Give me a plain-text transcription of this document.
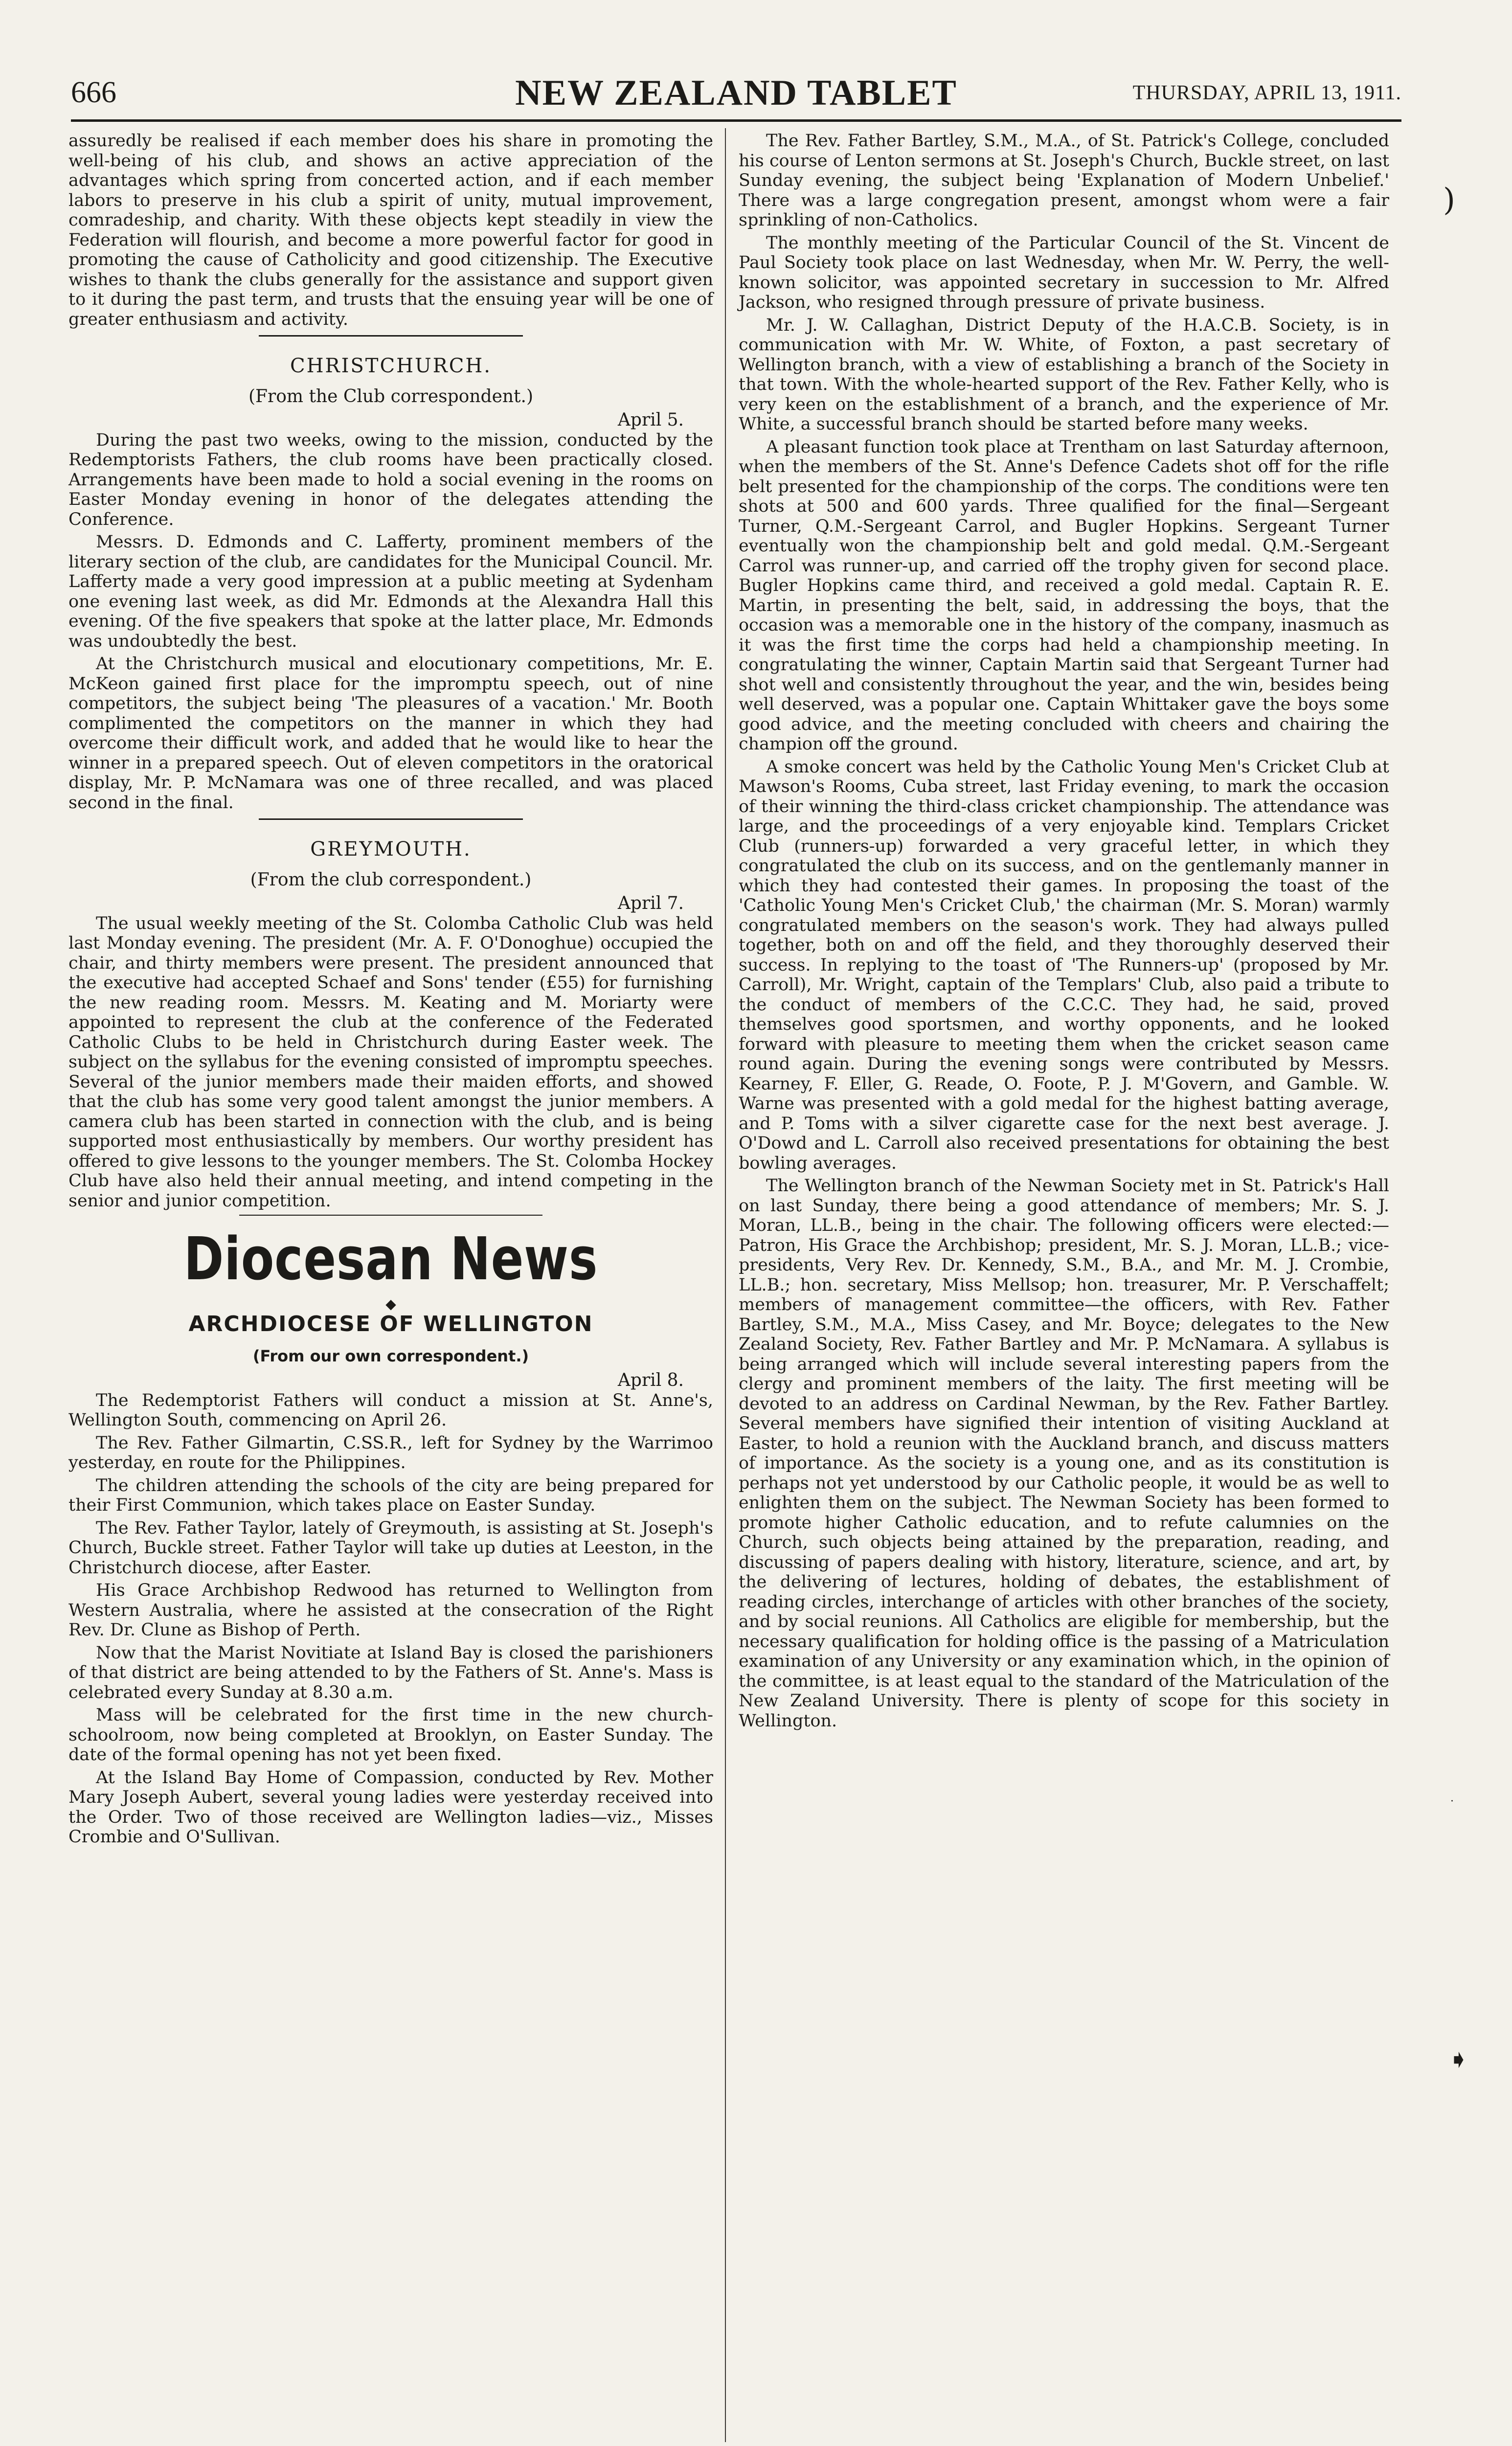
666	NEW ZEALAND TABLET	THURSDAY, APRIL 13, 1911.

assuredly be realised if each member does his share in promoting the well-being of his club, and shows an active appreciation of the advantages which spring from concerted action, and if each member labors to preserve in his club a spirit of unity, mutual improvement, comradeship, and charity. With these objects kept steadily in view the Federation will flourish, and become a more powerful factor for good in promoting the cause of Catholicity and good citizenship. The Executive wishes to thank the clubs generally for the assistance and support given to it during the past term, and trusts that the ensuing year will be one of greater enthusiasm and activity.

CHRISTCHURCH.
(From the Club correspondent.)
April 5.

During the past two weeks, owing to the mission, conducted by the Redemptorists Fathers, the club rooms have been practically closed. Arrangements have been made to hold a social evening in the rooms on Easter Monday evening in honor of the delegates attending the Conference.

Messrs. D. Edmonds and C. Lafferty, prominent members of the literary section of the club, are candidates for the Municipal Council. Mr. Lafferty made a very good impression at a public meeting at Sydenham one evening last week, as did Mr. Edmonds at the Alexandra Hall this evening. Of the five speakers that spoke at the latter place, Mr. Edmonds was undoubtedly the best.

At the Christchurch musical and elocutionary competitions, Mr. E. McKeon gained first place for the impromptu speech, out of nine competitors, the subject being 'The pleasures of a vacation.' Mr. Booth complimented the competitors on the manner in which they had overcome their difficult work, and added that he would like to hear the winner in a prepared speech. Out of eleven competitors in the oratorical display, Mr. P. McNamara was one of three recalled, and was placed second in the final.

GREYMOUTH.
(From the club correspondent.)
April 7.

The usual weekly meeting of the St. Colomba Catholic Club was held last Monday evening. The president (Mr. A. F. O'Donoghue) occupied the chair, and thirty members were present. The president announced that the executive had accepted Schaef and Sons' tender (£55) for furnishing the new reading room. Messrs. M. Keating and M. Moriarty were appointed to represent the club at the conference of the Federated Catholic Clubs to be held in Christchurch during Easter week. The subject on the syllabus for the evening consisted of impromptu speeches. Several of the junior members made their maiden efforts, and showed that the club has some very good talent amongst the junior members. A camera club has been started in connection with the club, and is being supported most enthusiastically by members. Our worthy president has offered to give lessons to the younger members. The St. Colomba Hockey Club have also held their annual meeting, and intend competing in the senior and junior competition.

Diocesan News
◆
ARCHDIOCESE OF WELLINGTON
(From our own correspondent.)
April 8.

The Redemptorist Fathers will conduct a mission at St. Anne's, Wellington South, commencing on April 26.

The Rev. Father Gilmartin, C.SS.R., left for Sydney by the Warrimoo yesterday, en route for the Philippines.

The children attending the schools of the city are being prepared for their First Communion, which takes place on Easter Sunday.

The Rev. Father Taylor, lately of Greymouth, is assisting at St. Joseph's Church, Buckle street. Father Taylor will take up duties at Leeston, in the Christchurch diocese, after Easter.

His Grace Archbishop Redwood has returned to Wellington from Western Australia, where he assisted at the consecration of the Right Rev. Dr. Clune as Bishop of Perth.

Now that the Marist Novitiate at Island Bay is closed the parishioners of that district are being attended to by the Fathers of St. Anne's. Mass is celebrated every Sunday at 8.30 a.m.

Mass will be celebrated for the first time in the new church-schoolroom, now being completed at Brooklyn, on Easter Sunday. The date of the formal opening has not yet been fixed.

At the Island Bay Home of Compassion, conducted by Rev. Mother Mary Joseph Aubert, several young ladies were yesterday received into the Order. Two of those received are Wellington ladies—viz., Misses Crombie and O'Sullivan.

The Rev. Father Bartley, S.M., M.A., of St. Patrick's College, concluded his course of Lenton sermons at St. Joseph's Church, Buckle street, on last Sunday evening, the subject being 'Explanation of Modern Unbelief.' There was a large congregation present, amongst whom were a fair sprinkling of non-Catholics.

The monthly meeting of the Particular Council of the St. Vincent de Paul Society took place on last Wednesday, when Mr. W. Perry, the well-known solicitor, was appointed secretary in succession to Mr. Alfred Jackson, who resigned through pressure of private business.

Mr. J. W. Callaghan, District Deputy of the H.A.C.B. Society, is in communication with Mr. W. White, of Foxton, a past secretary of Wellington branch, with a view of establishing a branch of the Society in that town. With the whole-hearted support of the Rev. Father Kelly, who is very keen on the establishment of a branch, and the experience of Mr. White, a successful branch should be started before many weeks.

A pleasant function took place at Trentham on last Saturday afternoon, when the members of the St. Anne's Defence Cadets shot off for the rifle belt presented for the championship of the corps. The conditions were ten shots at 500 and 600 yards. Three qualified for the final—Sergeant Turner, Q.M.-Sergeant Carrol, and Bugler Hopkins. Sergeant Turner eventually won the championship belt and gold medal. Q.M.-Sergeant Carrol was runner-up, and carried off the trophy given for second place. Bugler Hopkins came third, and received a gold medal. Captain R. E. Martin, in presenting the belt, said, in addressing the boys, that the occasion was a memorable one in the history of the company, inasmuch as it was the first time the corps had held a championship meeting. In congratulating the winner, Captain Martin said that Sergeant Turner had shot well and consistently throughout the year, and the win, besides being well deserved, was a popular one. Captain Whittaker gave the boys some good advice, and the meeting concluded with cheers and chairing the champion off the ground.

A smoke concert was held by the Catholic Young Men's Cricket Club at Mawson's Rooms, Cuba street, last Friday evening, to mark the occasion of their winning the third-class cricket championship. The attendance was large, and the proceedings of a very enjoyable kind. Templars Cricket Club (runners-up) forwarded a very graceful letter, in which they congratulated the club on its success, and on the gentlemanly manner in which they had contested their games. In proposing the toast of the 'Catholic Young Men's Cricket Club,' the chairman (Mr. S. Moran) warmly congratulated members on the season's work. They had always pulled together, both on and off the field, and they thoroughly deserved their success. In replying to the toast of 'The Runners-up' (proposed by Mr. Carroll), Mr. Wright, captain of the Templars' Club, also paid a tribute to the conduct of members of the C.C.C. They had, he said, proved themselves good sportsmen, and worthy opponents, and he looked forward with pleasure to meeting them when the cricket season came round again. During the evening songs were contributed by Messrs. Kearney, F. Eller, G. Reade, O. Foote, P. J. M'Govern, and Gamble. W. Warne was presented with a gold medal for the highest batting average, and P. Toms with a silver cigarette case for the next best average. J. O'Dowd and L. Carroll also received presentations for obtaining the best bowling averages.

The Wellington branch of the Newman Society met in St. Patrick's Hall on last Sunday, there being a good attendance of members; Mr. S. J. Moran, LL.B., being in the chair. The following officers were elected:—Patron, His Grace the Archbishop; president, Mr. S. J. Moran, LL.B.; vice-presidents, Very Rev. Dr. Kennedy, S.M., B.A., and Mr. M. J. Crombie, LL.B.; hon. secretary, Miss Mellsop; hon. treasurer, Mr. P. Verschaffelt; members of management committee—the officers, with Rev. Father Bartley, S.M., M.A., Miss Casey, and Mr. Boyce; delegates to the New Zealand Society, Rev. Father Bartley and Mr. P. McNamara. A syllabus is being arranged which will include several interesting papers from the clergy and prominent members of the laity. The first meeting will be devoted to an address on Cardinal Newman, by the Rev. Father Bartley. Several members have signified their intention of visiting Auckland at Easter, to hold a reunion with the Auckland branch, and discuss matters of importance. As the society is a young one, and as its constitution is perhaps not yet understood by our Catholic people, it would be as well to enlighten them on the subject. The Newman Society has been formed to promote higher Catholic education, and to refute calumnies on the Church, such objects being attained by the preparation, reading, and discussing of papers dealing with history, literature, science, and art, by the delivering of lectures, holding of debates, the establishment of reading circles, interchange of articles with other branches of the society, and by social reunions. All Catholics are eligible for membership, but the necessary qualification for holding office is the passing of a Matriculation examination of any University or any examination which, in the opinion of the committee, is at least equal to the standard of the Matriculation of the New Zealand University. There is plenty of scope for this society in Wellington.

)
·
➧
